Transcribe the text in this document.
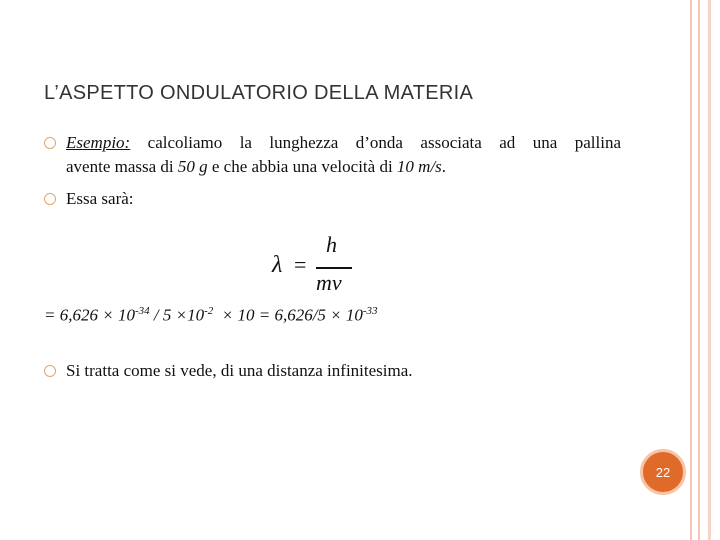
L’ASPETTO ONDULATORIO DELLA MATERIA
Esempio: calcoliamo la lunghezza d’onda associata ad una pallina
avente massa di 50 g e che abbia una velocità di 10 m/s.
Essa sarà:
λ =
h
mv
= $6,626 \times 10^{-34} / 5 \times 10^{-2} \times 10 = 6,626/5 \times 10^{-33}$
Si tratta come si vede, di una distanza infinitesima.
22
